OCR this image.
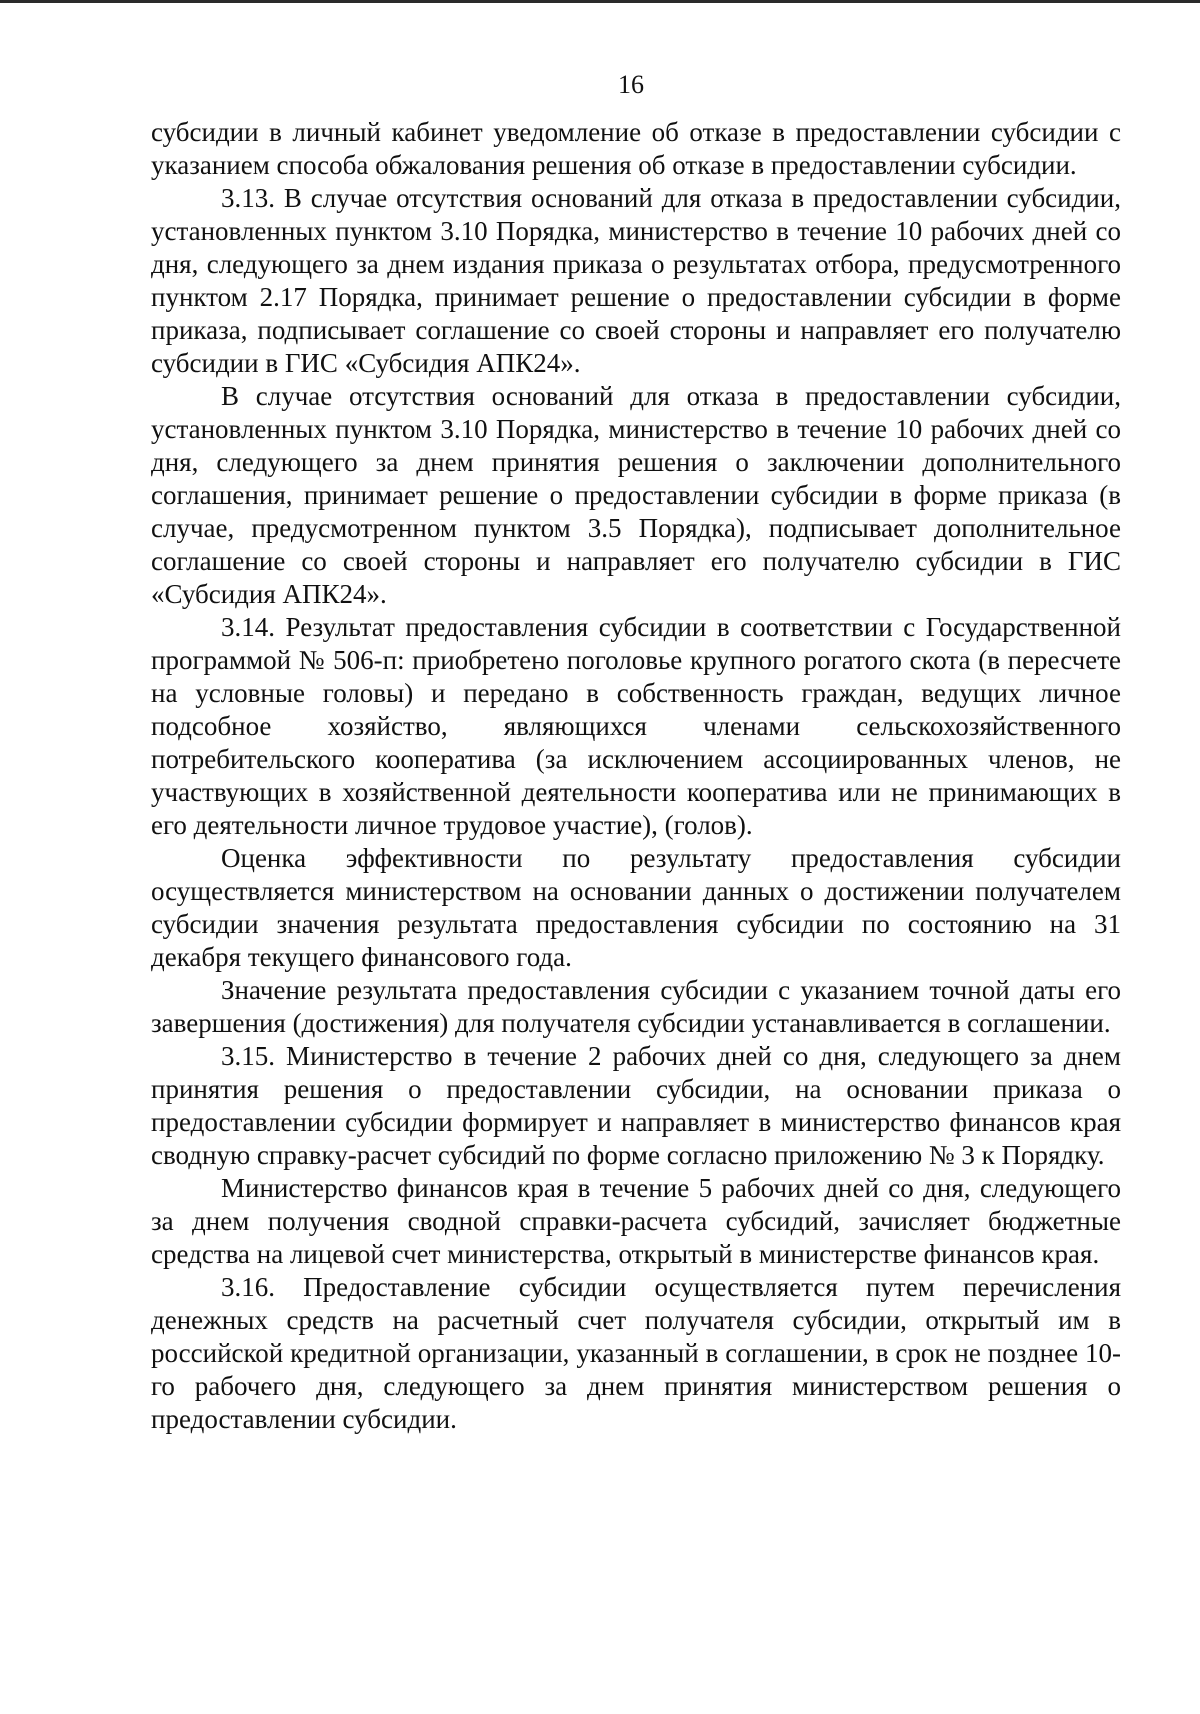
16

субсидии в личный кабинет уведомление об отказе в предоставлении субсидии с указанием способа обжалования решения об отказе в предоставлении субсидии.

3.13. В случае отсутствия оснований для отказа в предоставлении субсидии, установленных пунктом 3.10 Порядка, министерство в течение 10 рабочих дней со дня, следующего за днем издания приказа о результатах отбора, предусмотренного пунктом 2.17 Порядка, принимает решение о предоставлении субсидии в форме приказа, подписывает соглашение со своей стороны и направляет его получателю субсидии в ГИС «Субсидия АПК24».

В случае отсутствия оснований для отказа в предоставлении субсидии, установленных пунктом 3.10 Порядка, министерство в течение 10 рабочих дней со дня, следующего за днем принятия решения о заключении дополнительного соглашения, принимает решение о предоставлении субсидии в форме приказа (в случае, предусмотренном пунктом 3.5 Порядка), подписывает дополнительное соглашение со своей стороны и направляет его получателю субсидии в ГИС «Субсидия АПК24».

3.14. Результат предоставления субсидии в соответствии с Государственной программой № 506-п: приобретено поголовье крупного рогатого скота (в пересчете на условные головы) и передано в собственность граждан, ведущих личное подсобное хозяйство, являющихся членами сельскохозяйственного потребительского кооператива (за исключением ассоциированных членов, не участвующих в хозяйственной деятельности кооператива или не принимающих в его деятельности личное трудовое участие), (голов).

Оценка эффективности по результату предоставления субсидии осуществляется министерством на основании данных о достижении получателем субсидии значения результата предоставления субсидии по состоянию на 31 декабря текущего финансового года.

Значение результата предоставления субсидии с указанием точной даты его завершения (достижения) для получателя субсидии устанавливается в соглашении.

3.15. Министерство в течение 2 рабочих дней со дня, следующего за днем принятия решения о предоставлении субсидии, на основании приказа о предоставлении субсидии формирует и направляет в министерство финансов края сводную справку-расчет субсидий по форме согласно приложению № 3 к Порядку.

Министерство финансов края в течение 5 рабочих дней со дня, следующего за днем получения сводной справки-расчета субсидий, зачисляет бюджетные средства на лицевой счет министерства, открытый в министерстве финансов края.

3.16. Предоставление субсидии осуществляется путем перечисления денежных средств на расчетный счет получателя субсидии, открытый им в российской кредитной организации, указанный в соглашении, в срок не позднее 10-го рабочего дня, следующего за днем принятия министерством решения о предоставлении субсидии.
